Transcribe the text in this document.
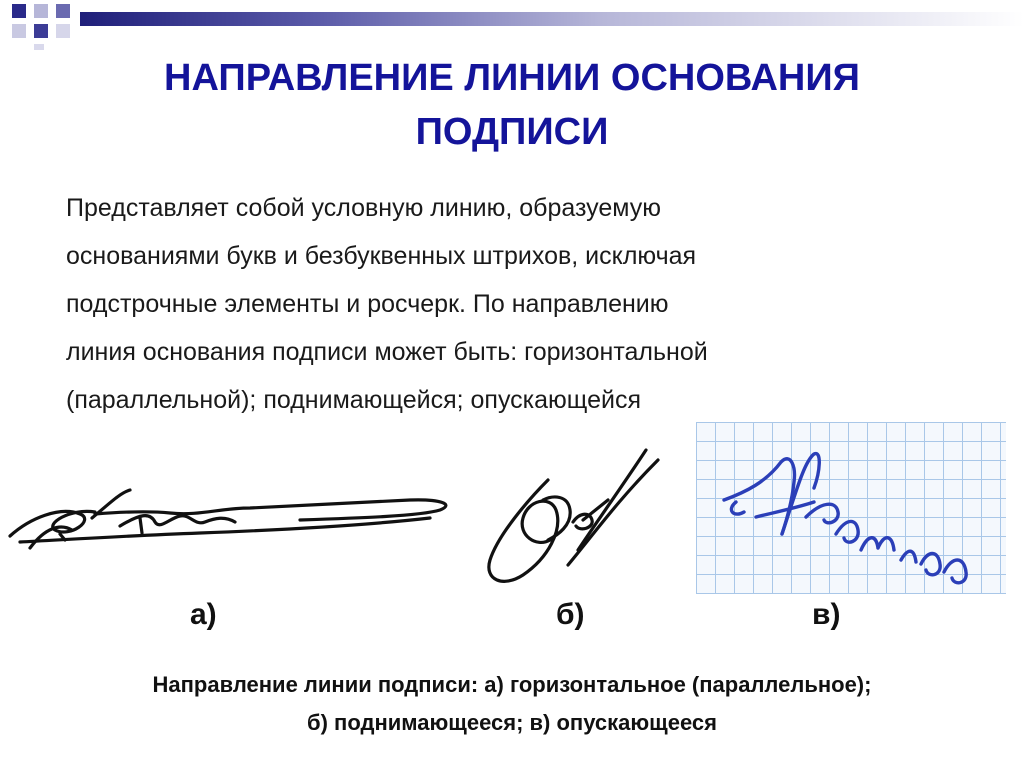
НАПРАВЛЕНИЕ ЛИНИИ ОСНОВАНИЯ
ПОДПИСИ
Представляет собой условную линию, образуемую
основаниями букв и безбуквенных штрихов, исключая
подстрочные элементы и росчерк. По направлению
линия основания подписи может быть: горизонтальной
(параллельной); поднимающейся; опускающейся
а)	б)	в)
Направление линии подписи: а) горизонтальное (параллельное);
б) поднимающееся; в) опускающееся
